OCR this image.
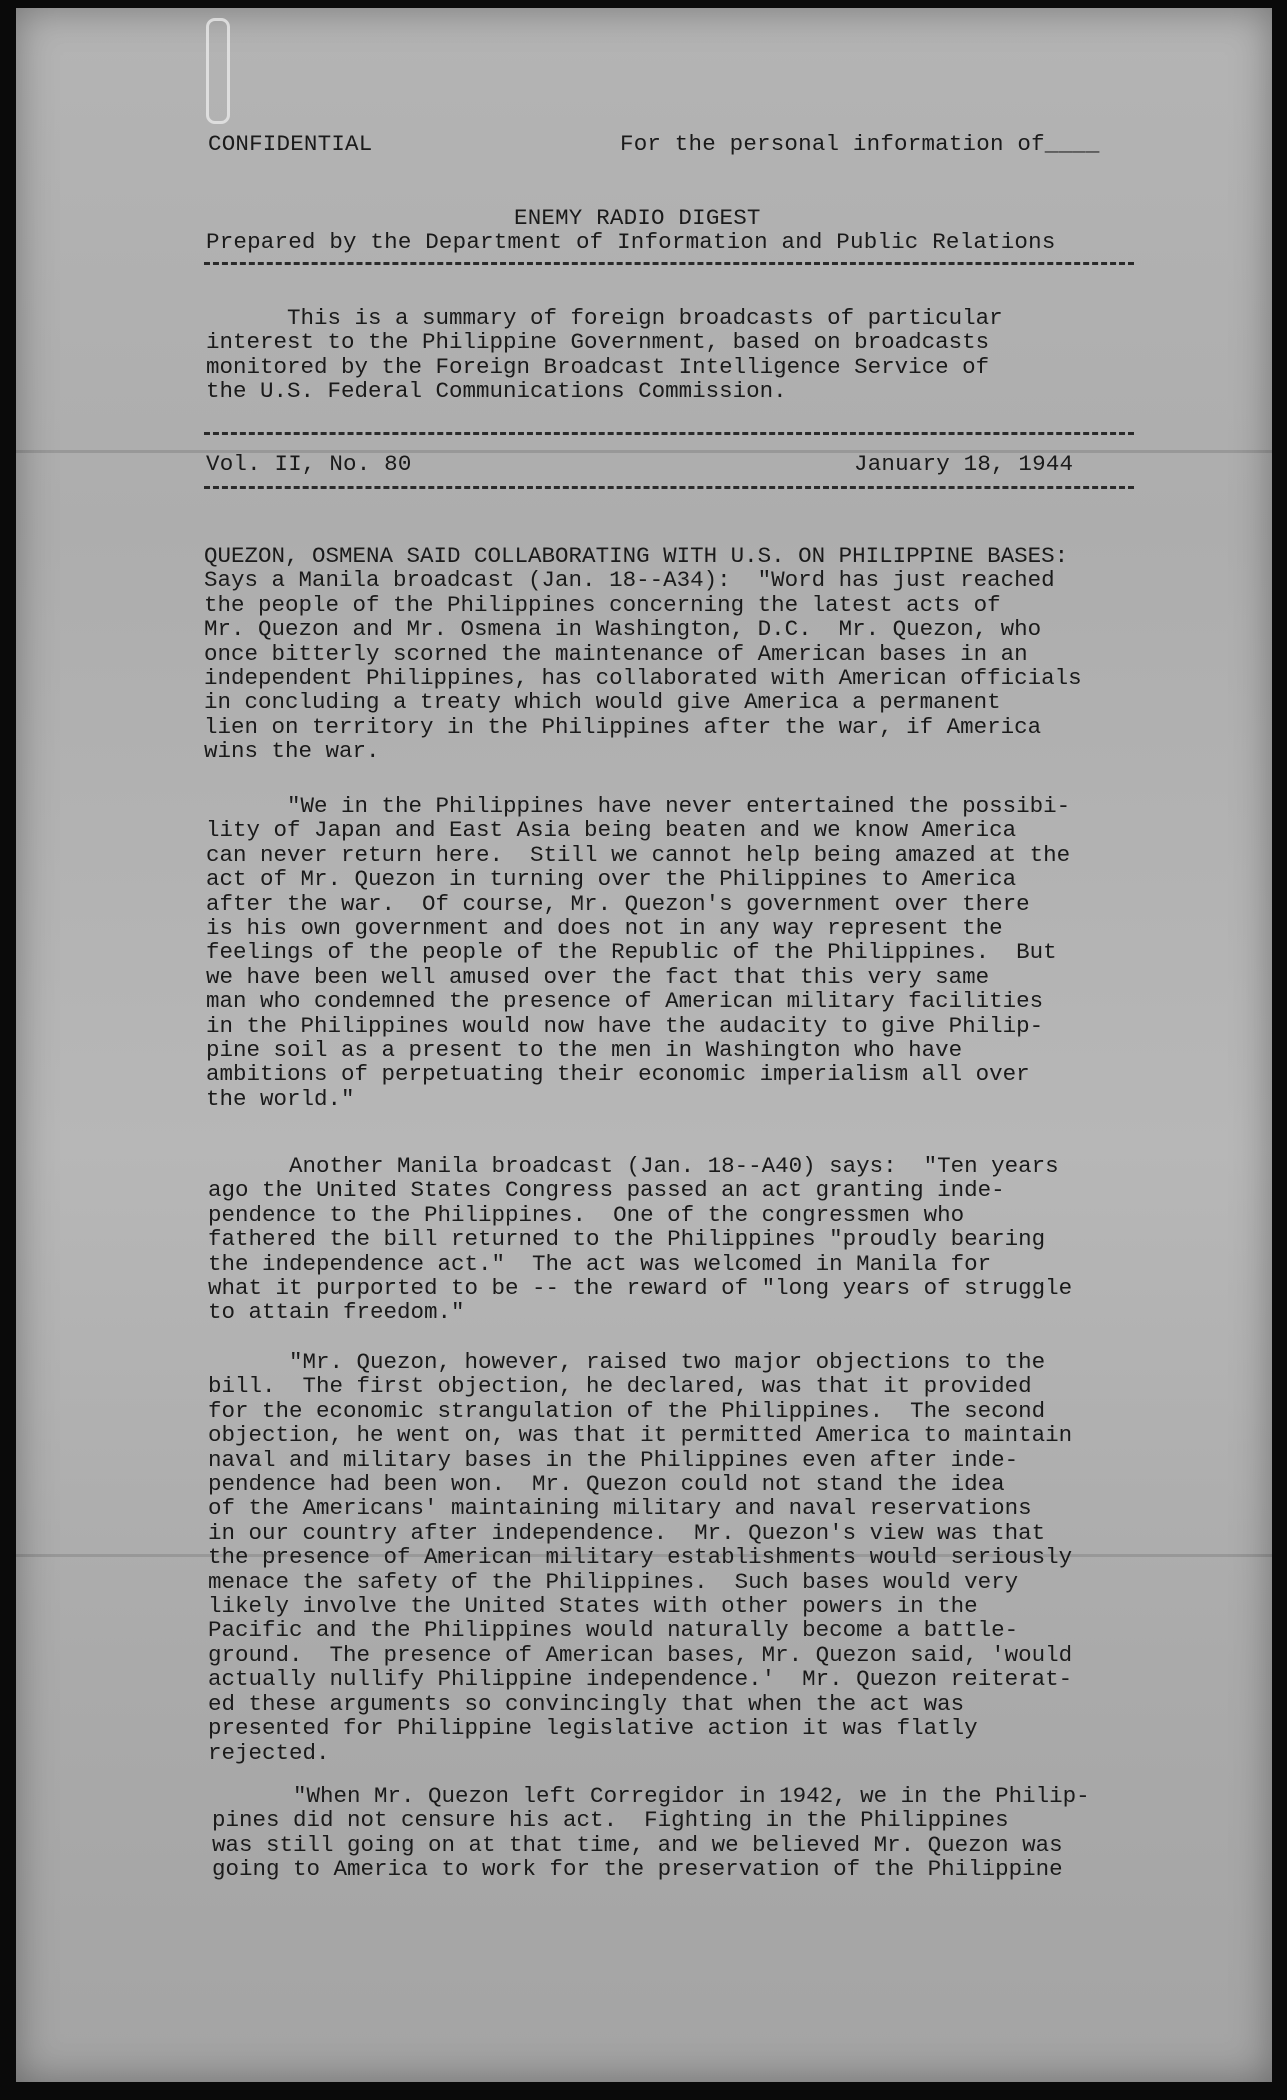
CONFIDENTIAL	For the personal information of____
ENEMY RADIO DIGEST
Prepared by the Department of Information and Public Relations
This is a summary of foreign broadcasts of particular
interest to the Philippine Government, based on broadcasts
monitored by the Foreign Broadcast Intelligence Service of
the U.S. Federal Communications Commission.
Vol. II, No. 80	January 18, 1944
QUEZON, OSMENA SAID COLLABORATING WITH U.S. ON PHILIPPINE BASES:
Says a Manila broadcast (Jan. 18--A34):  "Word has just reached
the people of the Philippines concerning the latest acts of
Mr. Quezon and Mr. Osmena in Washington, D.C.  Mr. Quezon, who
once bitterly scorned the maintenance of American bases in an
independent Philippines, has collaborated with American officials
in concluding a treaty which would give America a permanent
lien on territory in the Philippines after the war, if America
wins the war.
"We in the Philippines have never entertained the possibi-
lity of Japan and East Asia being beaten and we know America
can never return here.  Still we cannot help being amazed at the
act of Mr. Quezon in turning over the Philippines to America
after the war.  Of course, Mr. Quezon's government over there
is his own government and does not in any way represent the
feelings of the people of the Republic of the Philippines.  But
we have been well amused over the fact that this very same
man who condemned the presence of American military facilities
in the Philippines would now have the audacity to give Philip-
pine soil as a present to the men in Washington who have
ambitions of perpetuating their economic imperialism all over
the world."
Another Manila broadcast (Jan. 18--A40) says:  "Ten years
ago the United States Congress passed an act granting inde-
pendence to the Philippines.  One of the congressmen who
fathered the bill returned to the Philippines "proudly bearing
the independence act."  The act was welcomed in Manila for
what it purported to be -- the reward of "long years of struggle
to attain freedom."
"Mr. Quezon, however, raised two major objections to the
bill.  The first objection, he declared, was that it provided
for the economic strangulation of the Philippines.  The second
objection, he went on, was that it permitted America to maintain
naval and military bases in the Philippines even after inde-
pendence had been won.  Mr. Quezon could not stand the idea
of the Americans' maintaining military and naval reservations
in our country after independence.  Mr. Quezon's view was that
the presence of American military establishments would seriously
menace the safety of the Philippines.  Such bases would very
likely involve the United States with other powers in the
Pacific and the Philippines would naturally become a battle-
ground.  The presence of American bases, Mr. Quezon said, 'would
actually nullify Philippine independence.'  Mr. Quezon reiterat-
ed these arguments so convincingly that when the act was
presented for Philippine legislative action it was flatly
rejected.
"When Mr. Quezon left Corregidor in 1942, we in the Philip-
pines did not censure his act.  Fighting in the Philippines
was still going on at that time, and we believed Mr. Quezon was
going to America to work for the preservation of the Philippine
